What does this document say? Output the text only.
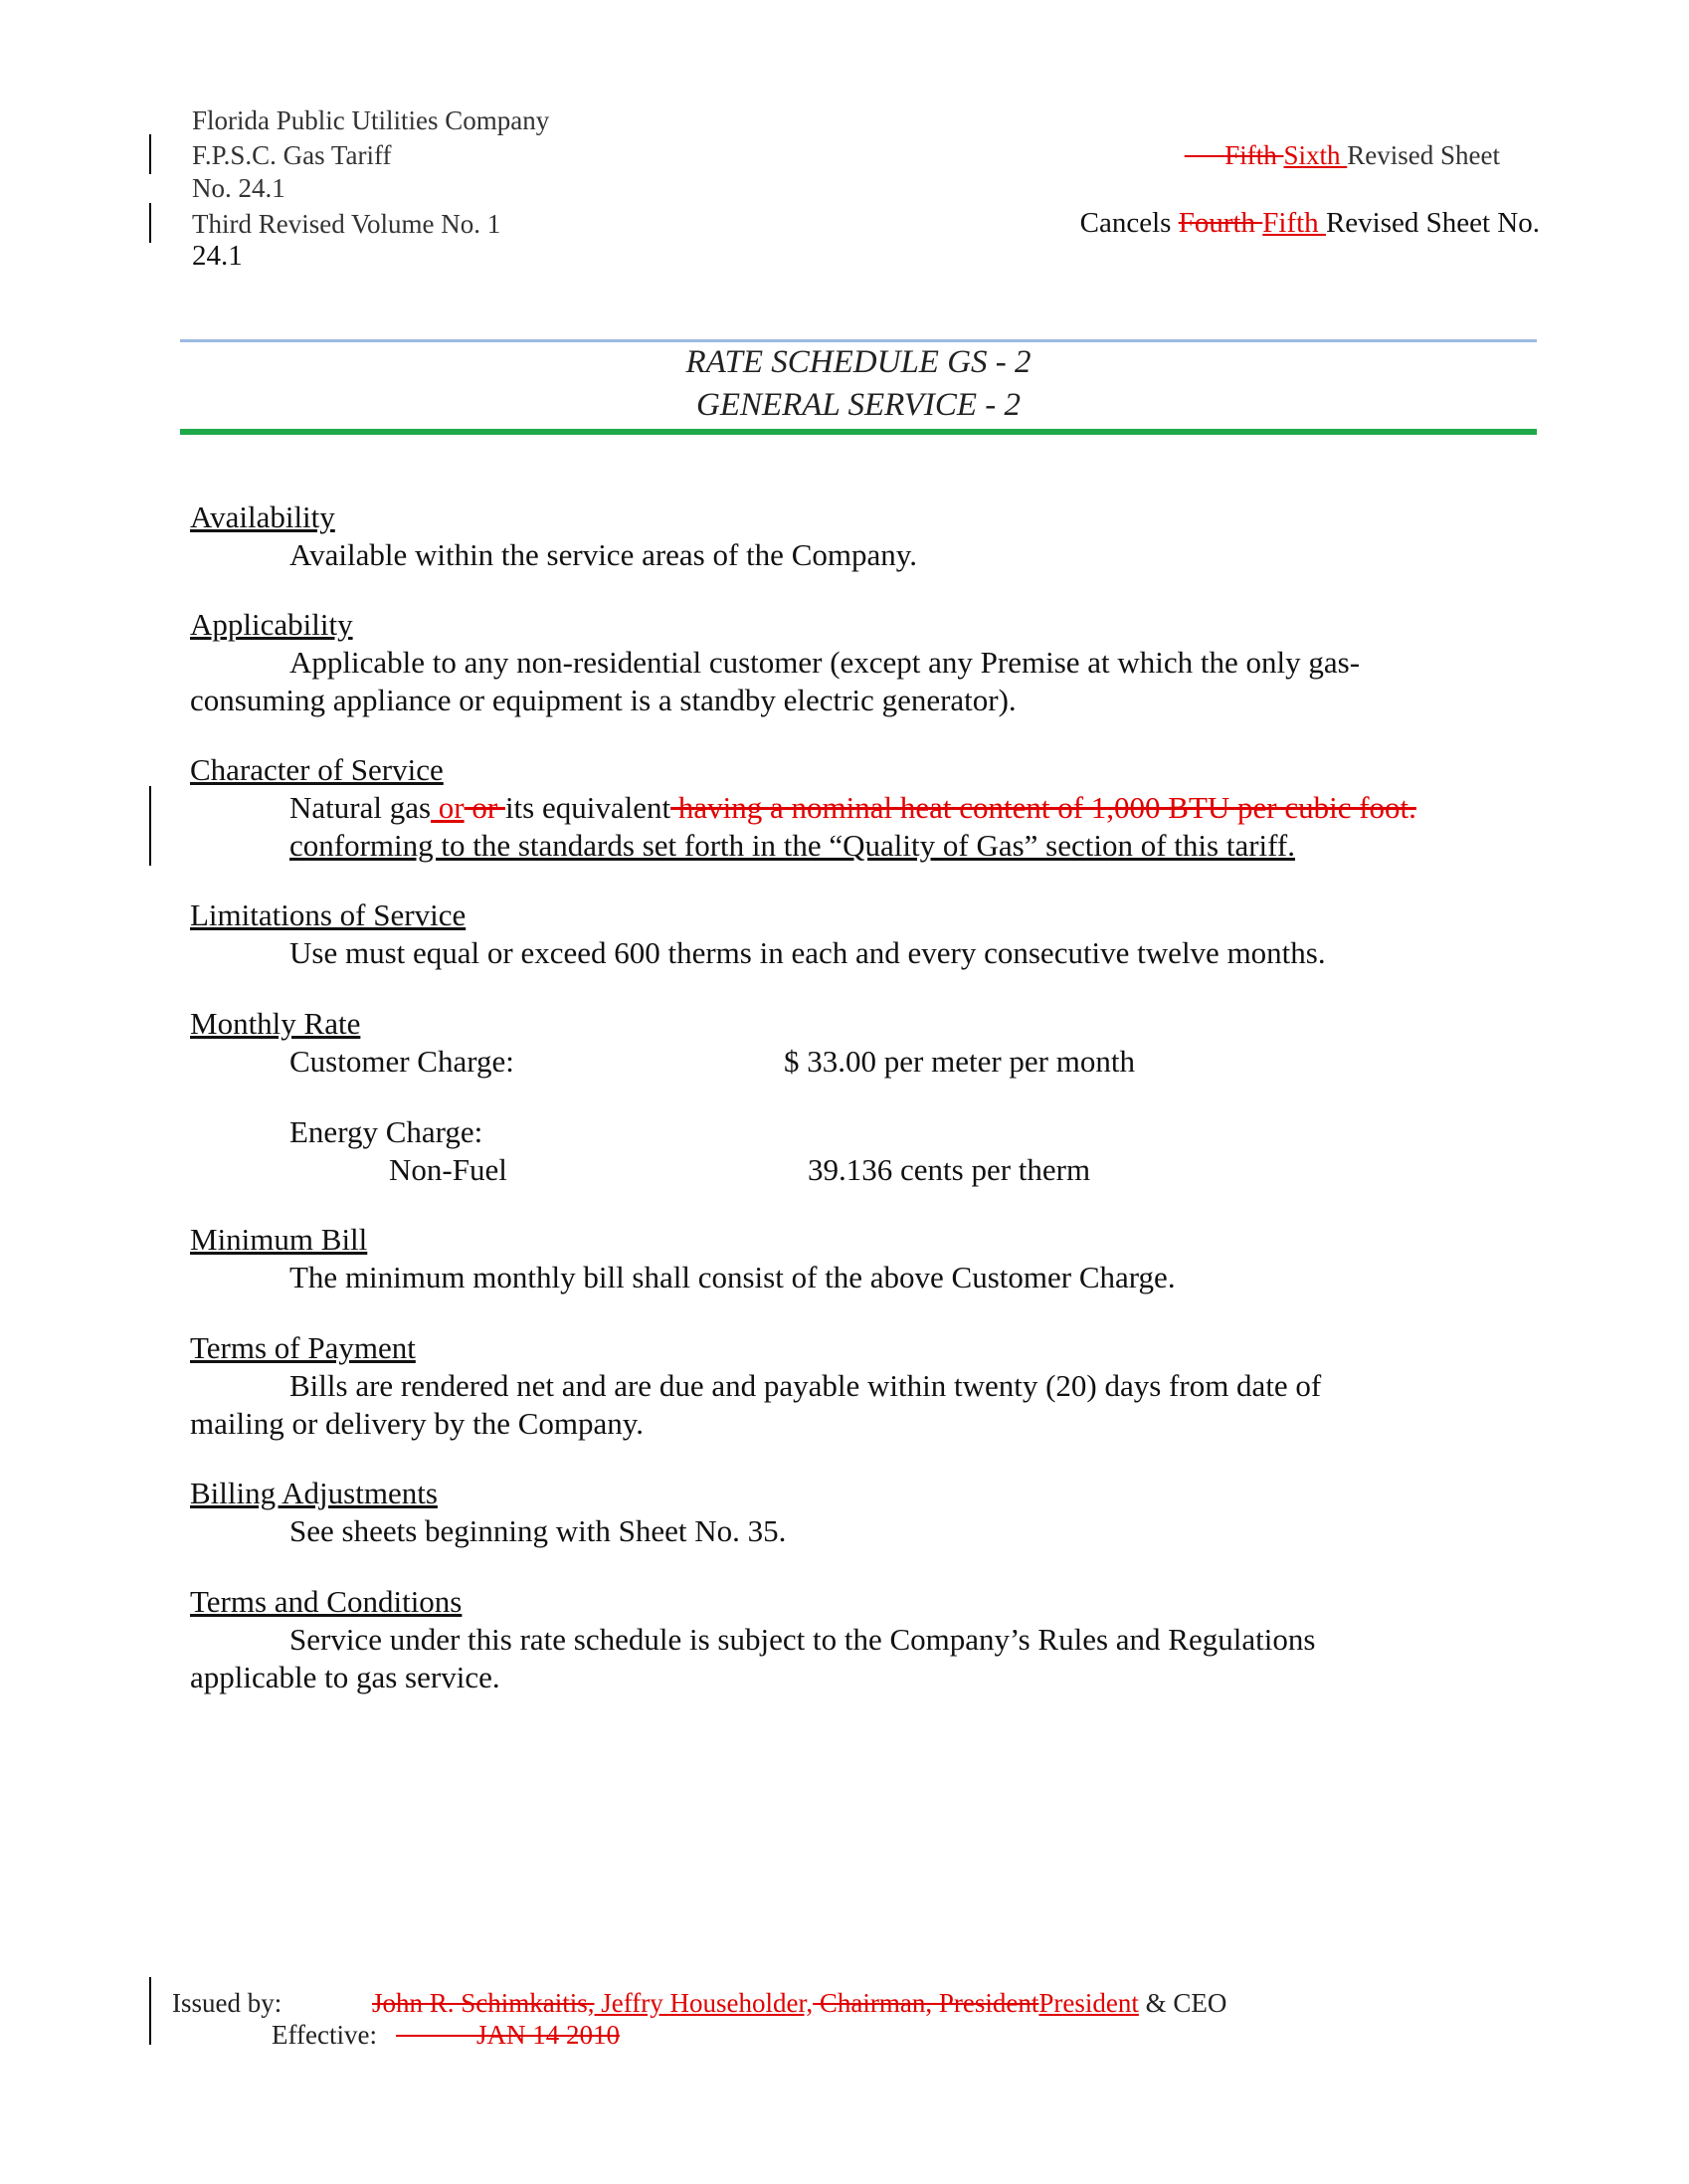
Florida Public Utilities Company
F.P.S.C. Gas Tariff
No. 24.1
Third Revised Volume No. 1
24.1
Fifth Sixth Revised Sheet
Cancels Fourth Fifth Revised Sheet No.
RATE SCHEDULE GS - 2
GENERAL SERVICE - 2
Availability
Available within the service areas of the Company.
Applicability
Applicable to any non-residential customer (except any Premise at which the only gas-
consuming appliance or equipment is a standby electric generator).
Character of Service
Natural gas or or its equivalent having a nominal heat content of 1,000 BTU per cubic foot.
conforming to the standards set forth in the “Quality of Gas” section of this tariff.
Limitations of Service
Use must equal or exceed 600 therms in each and every consecutive twelve months.
Monthly Rate
Customer Charge:	$ 33.00 per meter per month
Energy Charge:
Non-Fuel	39.136 cents per therm
Minimum Bill
The minimum monthly bill shall consist of the above Customer Charge.
Terms of Payment
Bills are rendered net and are due and payable within twenty (20) days from date of
mailing or delivery by the Company.
Billing Adjustments
See sheets beginning with Sheet No. 35.
Terms and Conditions
Service under this rate schedule is subject to the Company’s Rules and Regulations
applicable to gas service.
Issued by:	John R. Schimkaitis, Jeffry Householder, Chairman, PresidentPresident & CEO
Effective:	JAN 14 2010
